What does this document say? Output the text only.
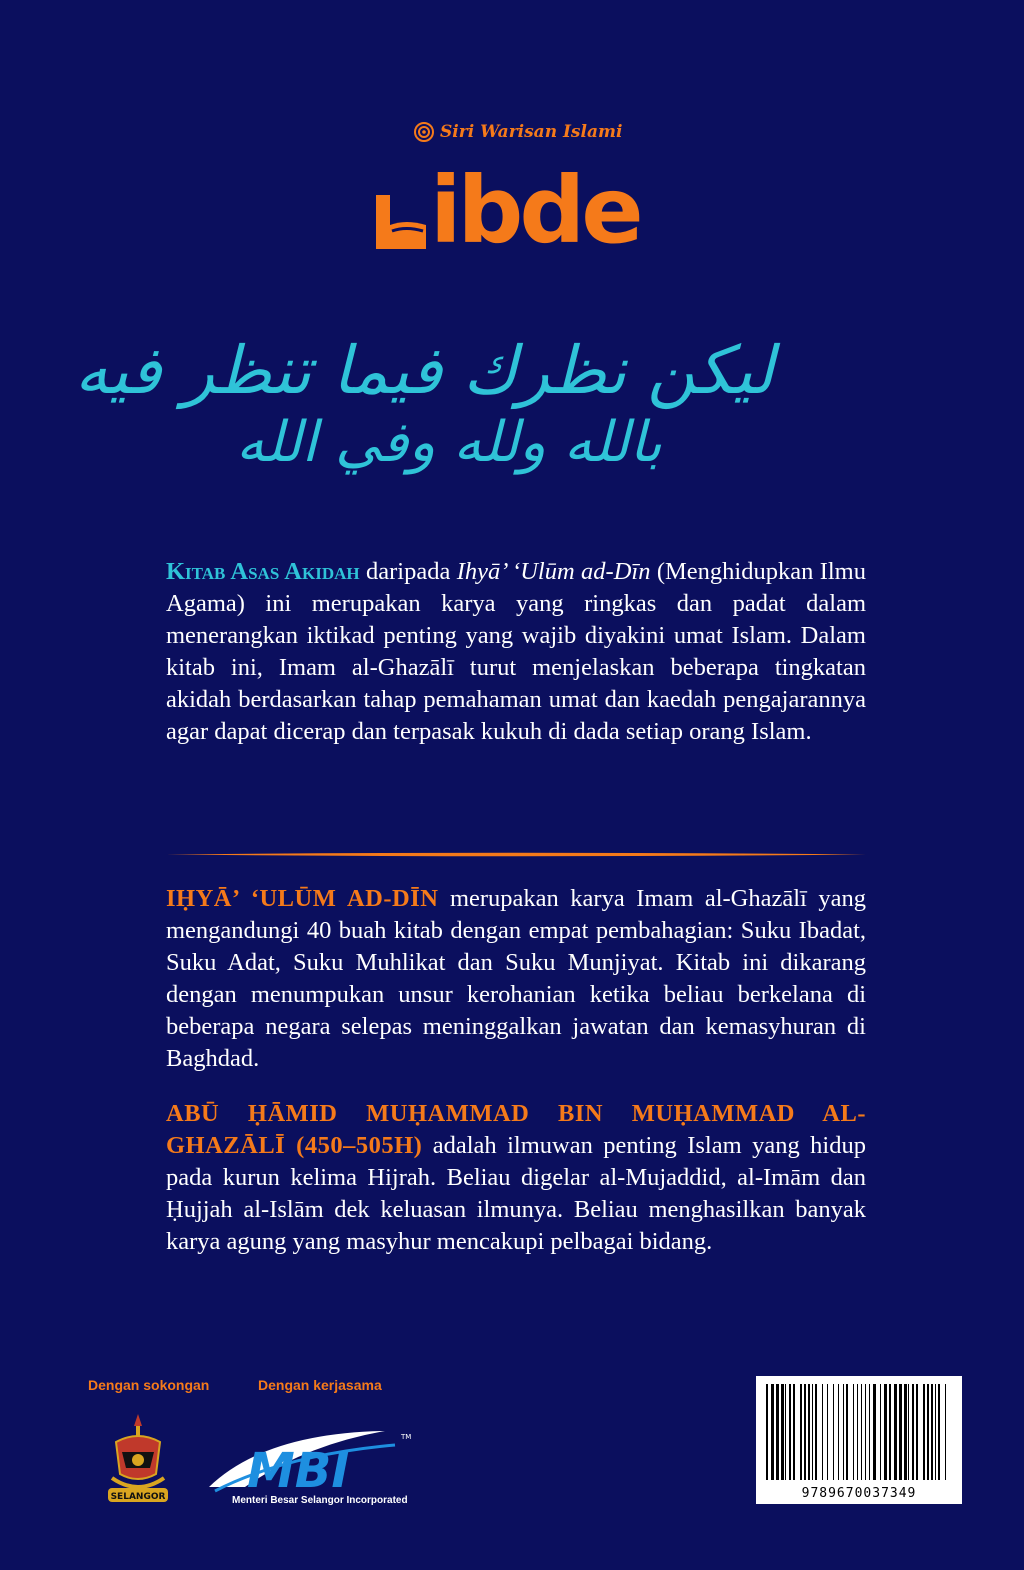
Siri Warisan Islami
ibde
ليكن نظرك فيما تنظر فيه
بالله ولله وفي الله
Kitab Asas Akidah daripada Ihyā’ ‘Ulūm ad-Dīn (Menghidupkan Ilmu Agama) ini merupakan karya yang ringkas dan padat dalam menerangkan iktikad penting yang wajib diyakini umat Islam. Dalam kitab ini, Imam al-Ghazālī turut menjelaskan beberapa tingkatan akidah berdasarkan tahap pemahaman umat dan kaedah pengajarannya agar dapat dicerap dan terpasak kukuh di dada setiap orang Islam.
IḤYĀ’ ‘ULŪM AD-DĪN merupakan karya Imam al-Ghazālī yang mengandungi 40 buah kitab dengan empat pembahagian: Suku Ibadat, Suku Adat, Suku Muhlikat dan Suku Munjiyat. Kitab ini dikarang dengan menumpukan unsur kerohanian ketika beliau berkelana di beberapa negara selepas meninggalkan jawatan dan kemasyhuran di Baghdad.
ABŪ ḤĀMID MUḤAMMAD BIN MUḤAMMAD AL-GHAZĀLĪ (450–505H) adalah ilmuwan penting Islam yang hidup pada kurun kelima Hijrah. Beliau digelar al-Mujaddid, al-Imām dan Ḥujjah al-Islām dek keluasan ilmunya. Beliau menghasilkan banyak karya agung yang masyhur mencakupi pelbagai bidang.
Dengan sokongan	Dengan kerjasama
SELANGOR MBI
TM
Menteri Besar Selangor Incorporated	9789670037349
